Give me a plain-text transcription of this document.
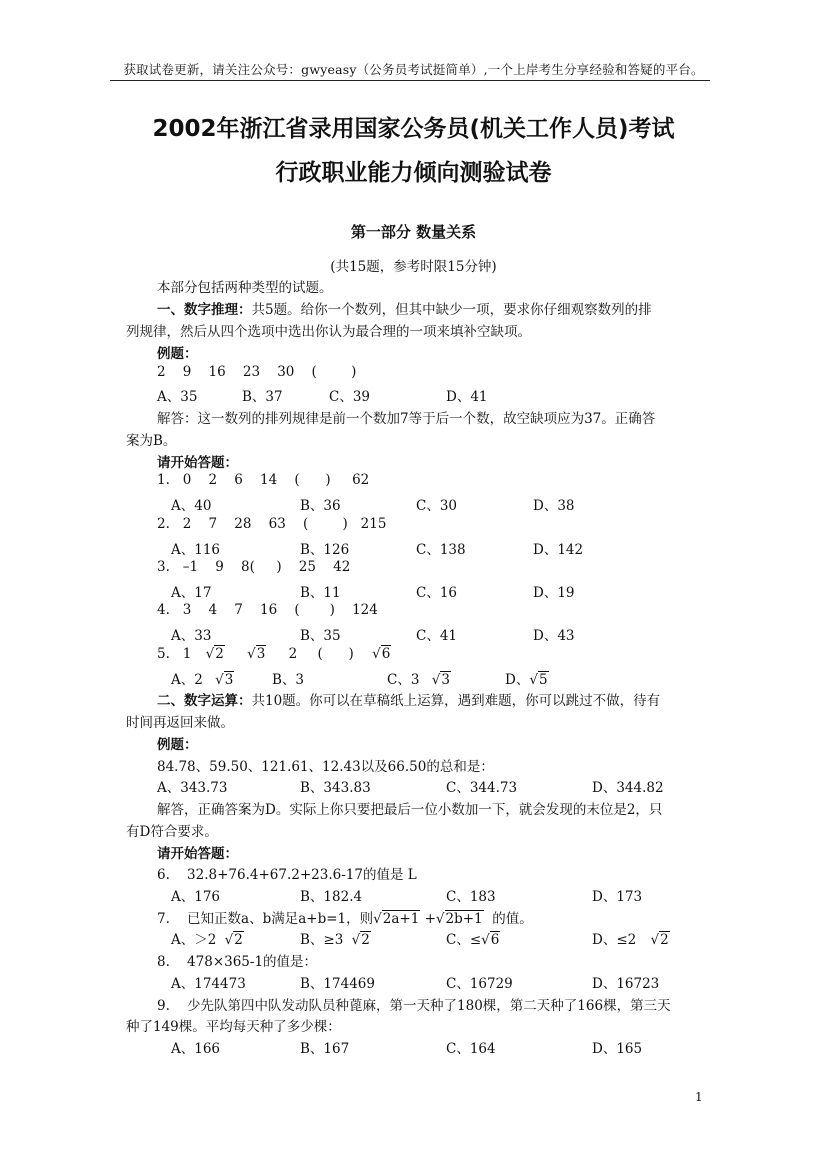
获取试卷更新，请关注公众号：gwyeasy（公务员考试挺简单）,一个上岸考生分享经验和答疑的平台。
2002年浙江省录用国家公务员(机关工作人员)考试
行政职业能力倾向测验试卷
第一部分 数量关系
(共15题，参考时限15分钟)
本部分包括两种类型的试题。
一、数字推理：共5题。给你一个数列，但其中缺少一项，要求你仔细观察数列的排
列规律，然后从四个选项中选出你认为最合理的一项来填补空缺项。
例题：
2    9    16    23    30    (        )
A、35	B、37	C、39	D、41
解答：这一数列的排列规律是前一个数加7等于后一个数，故空缺项应为37。正确答
案为B。
请开始答题：
1.   0    2    6    14    (      )     62
A、40	B、36	C、30	D、38
2.   2    7    28    63    (        )   215
A、116	B、126	C、138	D、142
3.   –1    9    8(     )    25    42
A、17	B、11	C、16	D、19
4.   3    4    7    16    (       )    124
A、33	B、35	C、41	D、43
5.   1 √2 √3 2 (      ) √6
A、2 √3	B、3	C、3 √3	D、√5
二、数字运算：共10题。你可以在草稿纸上运算，遇到难题，你可以跳过不做，待有
时间再返回来做。
例题：
84.78、59.50、121.61、12.43以及66.50的总和是：
A、343.73	B、343.83	C、344.73	D、344.82
解答，正确答案为D。实际上你只要把最后一位小数加一下，就会发现的末位是2，只
有D符合要求。
请开始答题：
6.    32.8+76.4+67.2+23.6-17的值是 L
A、176	B、182.4	C、183	D、173
7.    已知正数a、b满足a+b=1，则√2a+1 +√2b+1  的值。
A、＞2 √2	B、≥3 √2	C、≤√6	D、≤2 √2
8.    478×365-1的值是：
A、174473	B、174469	C、16729	D、16723
9.    少先队第四中队发动队员种蓖麻，第一天种了180棵，第二天种了166棵，第三天
种了149棵。平均每天种了多少棵：
A、166	B、167	C、164	D、165
1
